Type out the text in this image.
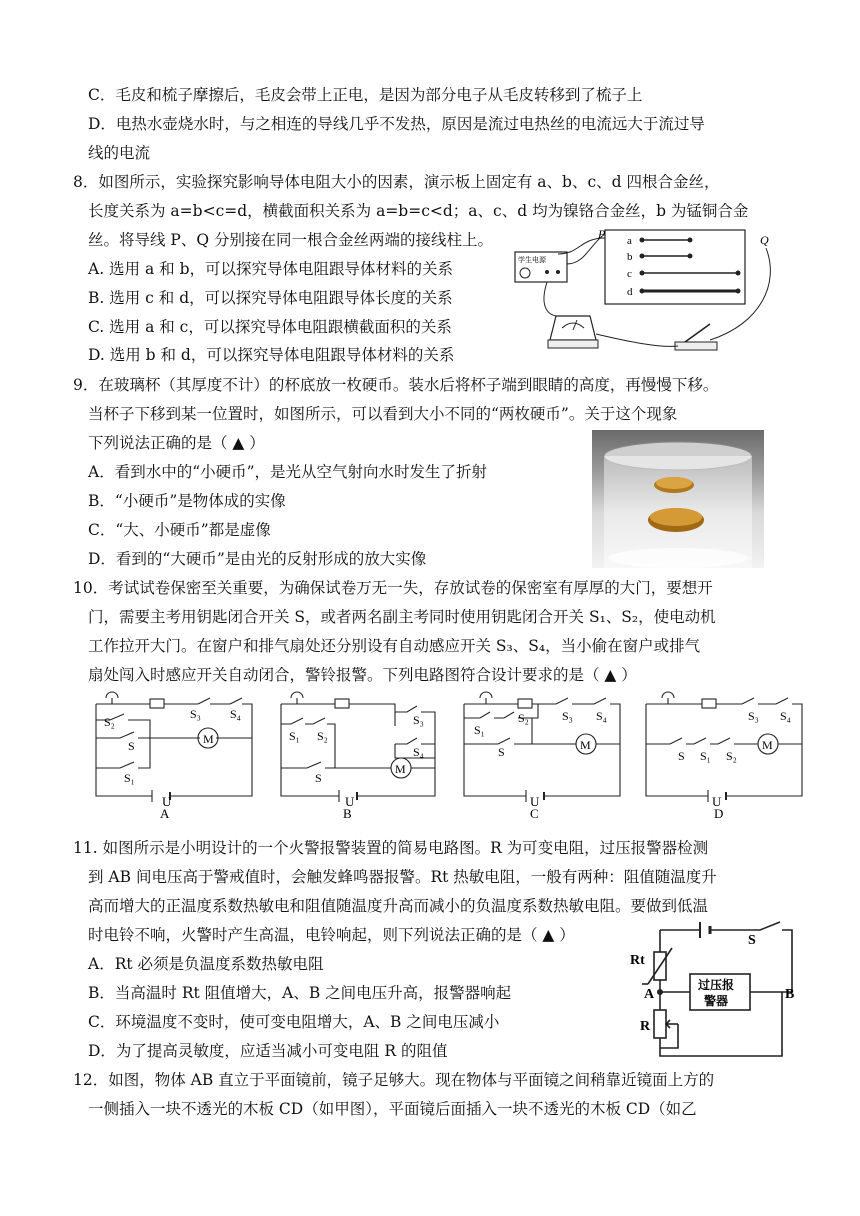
C．毛皮和梳子摩擦后，毛皮会带上正电，是因为部分电子从毛皮转移到了梳子上
D．电热水壶烧水时，与之相连的导线几乎不发热，原因是流过电热丝的电流远大于流过导
线的电流
8．如图所示，实验探究影响导体电阻大小的因素，演示板上固定有 a、b、c、d 四根合金丝，
长度关系为 a=b<c=d，横截面积关系为 a=b=c<d；a、c、d 均为镍铬合金丝，b 为锰铜合金
丝。将导线 P、Q 分别接在同一根合金丝两端的接线柱上。
A. 选用 a 和 b，可以探究导体电阻跟导体材料的关系
B. 选用 c 和 d，可以探究导体电阻跟导体长度的关系
C. 选用 a 和 c，可以探究导体电阻跟横截面积的关系
D. 选用 b 和 d，可以探究导体电阻跟导体材料的关系
a
b
c
d
P	Q
学生电源
9．在玻璃杯（其厚度不计）的杯底放一枚硬币。装水后将杯子端到眼睛的高度，再慢慢下移。
当杯子下移到某一位置时，如图所示，可以看到大小不同的“两枚硬币”。关于这个现象
下列说法正确的是（ ▲ ）
A．看到水中的“小硬币”，是光从空气射向水时发生了折射
B．“小硬币”是物体成的实像
C．“大、小硬币”都是虚像
D．看到的“大硬币”是由光的反射形成的放大实像
10．考试试卷保密至关重要，为确保试卷万无一失，存放试卷的保密室有厚厚的大门，要想开
门，需要主考用钥匙闭合开关 S，或者两名副主考同时使用钥匙闭合开关 S₁、S₂，使电动机
工作拉开大门。在窗户和排气扇处还分别设有自动感应开关 S₃、S₄，当小偷在窗户或排气
扇处闯入时感应开关自动闭合，警铃报警。下列电路图符合设计要求的是（ ▲ ）
S₂
S₃ S₄
S
S₁
M
U
A
S₃
S₄
S₁ S₂
S
M
U
B
S₂	S₃ S₄
S₁
S	M
U
C
S₃ S₄
S S₁ S₂
M
U
D
11. 如图所示是小明设计的一个火警报警装置的简易电路图。R 为可变电阻，过压报警器检测
到 AB 间电压高于警戒值时，会触发蜂鸣器报警。Rt 热敏电阻，一般有两种：阻值随温度升
高而增大的正温度系数热敏电和阻值随温度升高而减小的负温度系数热敏电阻。要做到低温
时电铃不响，火警时产生高温，电铃响起，则下列说法正确的是（ ▲ ）
A．Rt 必须是负温度系数热敏电阻
B．当高温时 Rt 阻值增大，A、B 之间电压升高，报警器响起
C．环境温度不变时，使可变电阻增大，A、B 之间电压减小
D．为了提高灵敏度，应适当减小可变电阻 R 的阻值
S
Rt
A	B
R
过压报
警器
12．如图，物体 AB 直立于平面镜前，镜子足够大。现在物体与平面镜之间稍靠近镜面上方的
一侧插入一块不透光的木板 CD（如甲图），平面镜后面插入一块不透光的木板 CD（如乙
